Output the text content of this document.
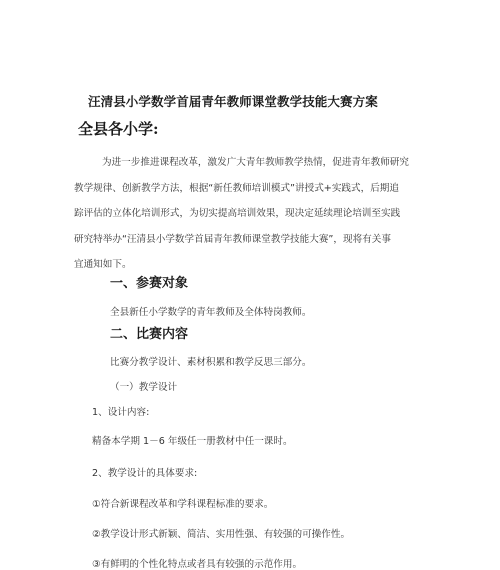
汪清县小学数学首届青年教师课堂教学技能大赛方案
全县各小学:
为进一步推进课程改革，激发广大青年教师教学热情，促进青年教师研究
教学规律、创新教学方法，根据“新任教师培训模式”讲授式+实践式，后期追
踪评估的立体化培训形式，为切实提高培训效果，现决定延续理论培训至实践
研究特举办“汪清县小学数学首届青年教师课堂教学技能大赛”，现将有关事
宜通知如下。
一、参赛对象
全县新任小学数学的青年教师及全体特岗教师。
二、比赛内容
比赛分教学设计、素材积累和教学反思三部分。
（一）教学设计
1、设计内容:
精备本学期 1－6 年级任一册教材中任一课时。
2、教学设计的具体要求:
①符合新课程改革和学科课程标准的要求。
②教学设计形式新颖、简洁、实用性强、有较强的可操作性。
③有鲜明的个性化特点或者具有较强的示范作用。
